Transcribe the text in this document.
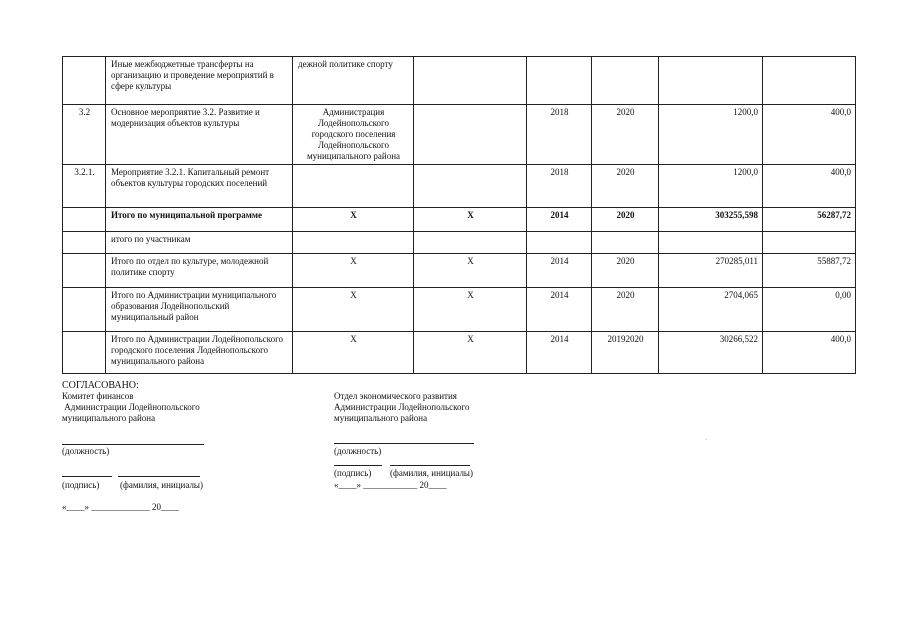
	Иные межбюджетные трансферты на организацию и проведение мероприятий в сфере культуры	дежной политике спорту					
3.2	Основное мероприятие 3.2. Развитие и модернизация объектов культуры	Администрация Лодейнопольского городского поселения Лодейнопольского муниципального района		2018	2020	1200,0	400,0
3.2.1.	Мероприятие 3.2.1. Капитальный ремонт объектов культуры городских поселений			2018	2020	1200,0	400,0
	Итого по муниципальной программе	X	X	2014	2020	303255,598	56287,72
	итого по участникам						
	Итого по отдел по культуре, молодежной политике спорту	X	X	2014	2020	270285,011	55887,72
	Итого по Администрации муниципального образования Лодейнопольский муниципальный район	X	X	2014	2020	2704,065	0,00
	Итого по Администрации Лодейнопольского городского поселения Лодейнопольского муниципального района	X	X	2014	20192020	30266,522	400,0
СОГЛАСОВАНО:
Комитет финансов
Администрации Лодейнопольского
муниципального района
(должность)
(подпись) (фамилия, инициалы)
«____» _____________ 20____
Отдел экономического развития
Администрации Лодейнопольского
муниципального района
(должность)
(подпись) (фамилия, инициалы)
«____» ____________ 20____
·
